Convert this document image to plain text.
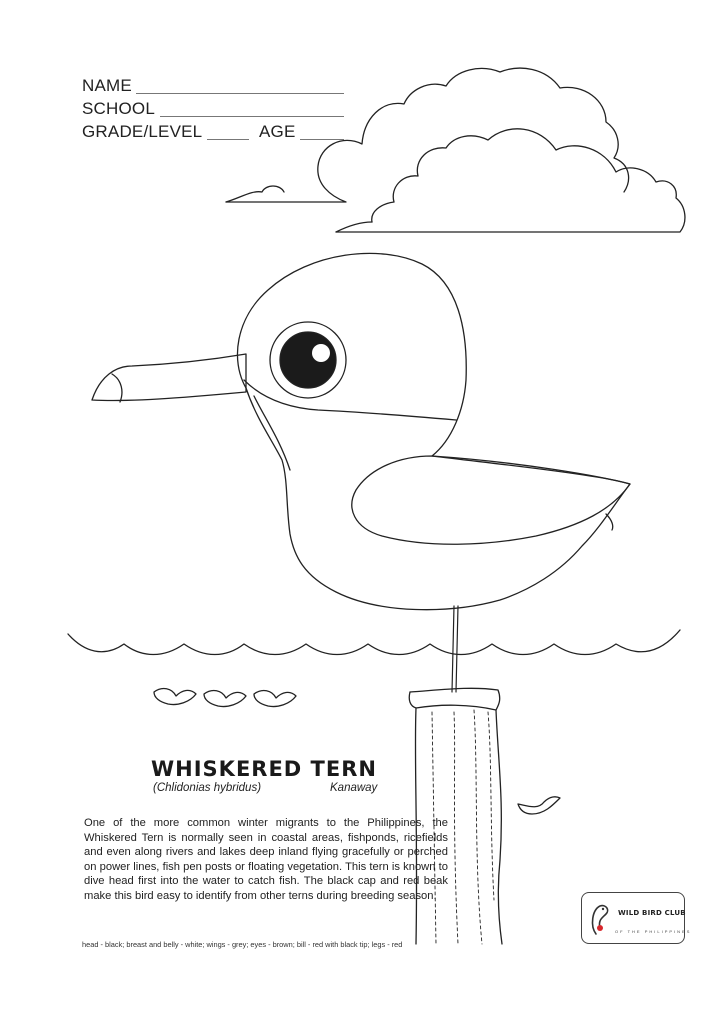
NAME
SCHOOL
GRADE/LEVEL	AGE
WHISKERED TERN
(Chlidonias hybridus)	Kanaway
One of the more common winter migrants to the Philippines, the Whiskered Tern is normally seen in coastal areas, fishponds, ricefields and even along rivers and lakes deep inland flying gracefully or perched on power lines, fish pen posts or floating vegetation. This tern is known to dive head first into the water to catch fish. The black cap and red beak make this bird easy to identify from other terns during breeding season.
head - black; breast and belly - white; wings - grey; eyes - brown; bill - red with black tip; legs - red
WILD BIRD CLUB
OF THE PHILIPPINES
